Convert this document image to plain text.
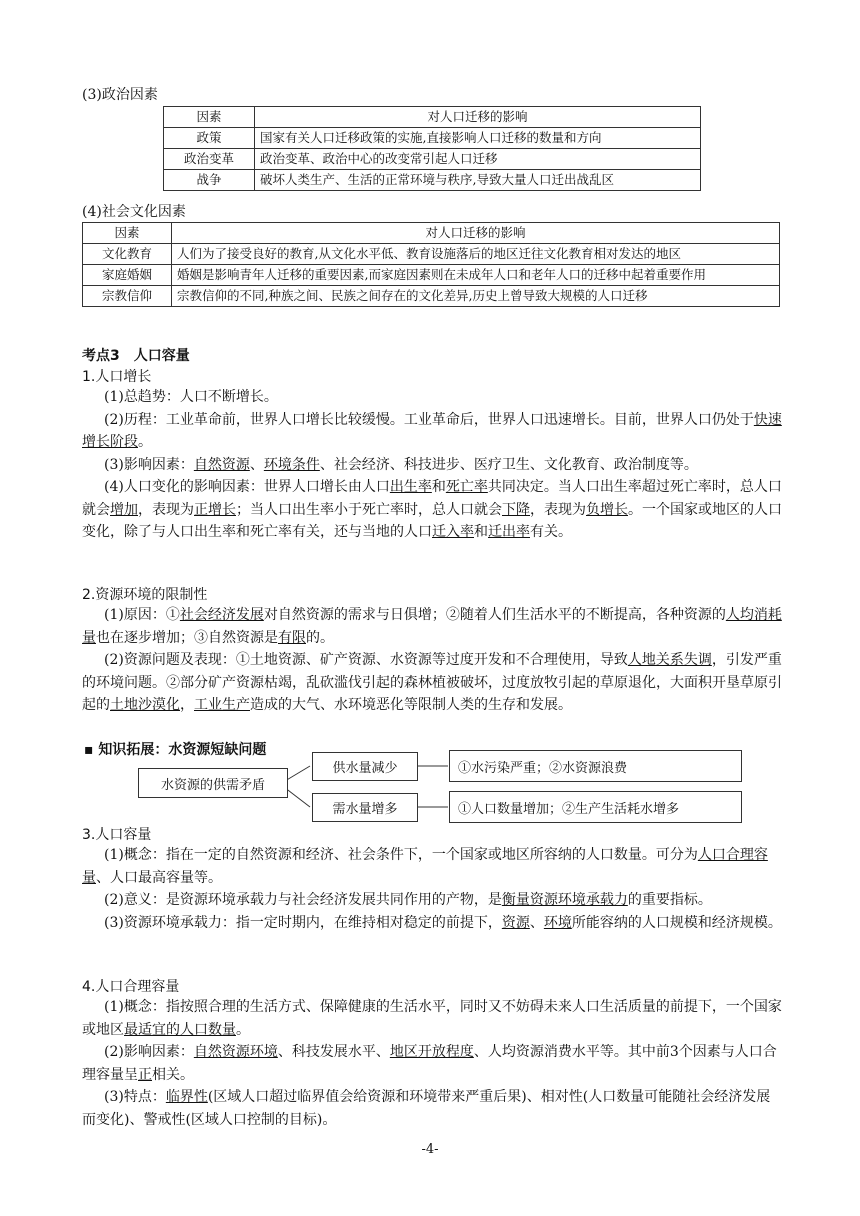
(3)政治因素
因素	对人口迁移的影响
政策	国家有关人口迁移政策的实施,直接影响人口迁移的数量和方向
政治变革	政治变革、政治中心的改变常引起人口迁移
战争	破坏人类生产、生活的正常环境与秩序,导致大量人口迁出战乱区
(4)社会文化因素
因素	对人口迁移的影响
文化教育	人们为了接受良好的教育,从文化水平低、教育设施落后的地区迁往文化教育相对发达的地区
家庭婚姻	婚姻是影响青年人迁移的重要因素,而家庭因素则在未成年人口和老年人口的迁移中起着重要作用
宗教信仰	宗教信仰的不同,种族之间、民族之间存在的文化差异,历史上曾导致大规模的人口迁移
考点3　人口容量
1.人口增长
(1)总趋势：人口不断增长。
(2)历程：工业革命前，世界人口增长比较缓慢。工业革命后，世界人口迅速增长。目前，世界人口仍处于快速增长阶段。
(3)影响因素：自然资源、环境条件、社会经济、科技进步、医疗卫生、文化教育、政治制度等。
(4)人口变化的影响因素：世界人口增长由人口出生率和死亡率共同决定。当人口出生率超过死亡率时，总人口就会增加，表现为正增长；当人口出生率小于死亡率时，总人口就会下降，表现为负增长。一个国家或地区的人口变化，除了与人口出生率和死亡率有关，还与当地的人口迁入率和迁出率有关。
2.资源环境的限制性
(1)原因：①社会经济发展对自然资源的需求与日俱增；②随着人们生活水平的不断提高，各种资源的人均消耗量也在逐步增加；③自然资源是有限的。
(2)资源问题及表现：①土地资源、矿产资源、水资源等过度开发和不合理使用，导致人地关系失调，引发严重的环境问题。②部分矿产资源枯竭，乱砍滥伐引起的森林植被破坏，过度放牧引起的草原退化，大面积开垦草原引起的土地沙漠化，工业生产造成的大气、水环境恶化等限制人类的生存和发展。
▪ 知识拓展：水资源短缺问题
水资源的供需矛盾
供水量减少	①水污染严重；②水资源浪费
需水量增多	①人口数量增加；②生产生活耗水增多
3.人口容量
(1)概念：指在一定的自然资源和经济、社会条件下，一个国家或地区所容纳的人口数量。可分为人口合理容量、人口最高容量等。
(2)意义：是资源环境承载力与社会经济发展共同作用的产物，是衡量资源环境承载力的重要指标。
(3)资源环境承载力：指一定时期内，在维持相对稳定的前提下，资源、环境所能容纳的人口规模和经济规模。
4.人口合理容量
(1)概念：指按照合理的生活方式、保障健康的生活水平，同时又不妨碍未来人口生活质量的前提下，一个国家或地区最适宜的人口数量。
(2)影响因素：自然资源环境、科技发展水平、地区开放程度、人均资源消费水平等。其中前3个因素与人口合理容量呈正相关。
(3)特点：临界性(区域人口超过临界值会给资源和环境带来严重后果)、相对性(人口数量可能随社会经济发展而变化)、警戒性(区域人口控制的目标)。
-4-
